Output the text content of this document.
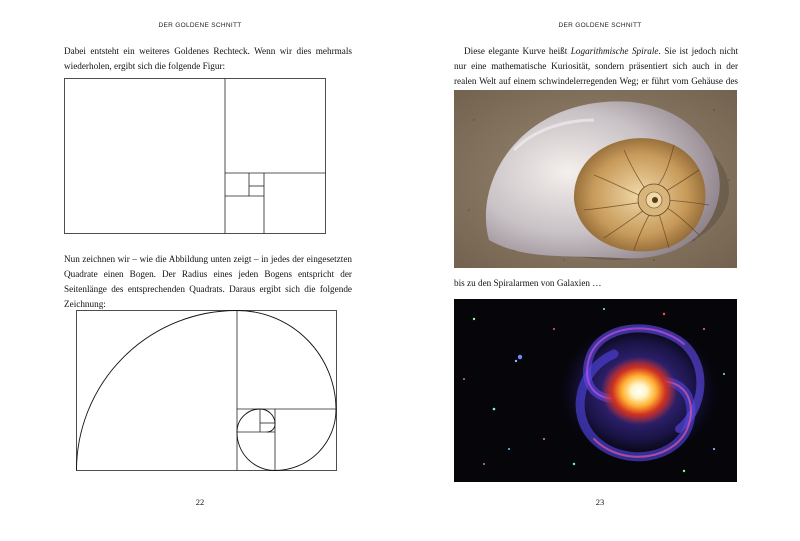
DER GOLDENE SCHNITT

Dabei entsteht ein weiteres Goldenes Rechteck. Wenn wir dies mehrmals wiederholen, ergibt sich die folgende Figur:

Nun zeichnen wir – wie die Abbildung unten zeigt – in jedes der eingesetzten Quadrate einen Bogen. Der Radius eines jeden Bogens entspricht der Seitenlänge des entsprechenden Quadrats. Daraus ergibt sich die folgende Zeichnung:

22
DER GOLDENE SCHNITT

Diese elegante Kurve heißt Logarithmische Spirale. Sie ist jedoch nicht nur eine mathematische Kuriosität, sondern präsentiert sich auch in der realen Welt auf einem schwindelerregenden Weg; er führt vom Gehäuse des

bis zu den Spiralarmen von Galaxien …

23
